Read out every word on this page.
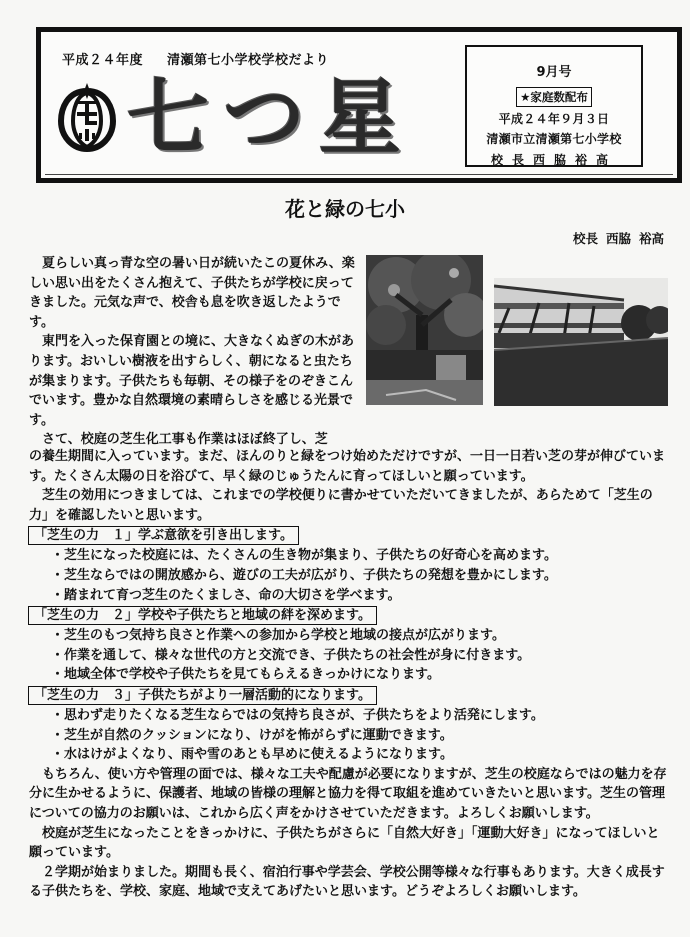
平成２４年度 清瀬第七小学校学校だより
七つ星	9月号
★家庭数配布
平成２４年９月３日
清瀬市立清瀬第七小学校
校長西脇裕高
花と緑の七小
校長 西脇 裕高

夏らしい真っ青な空の暑い日が続いたこの夏休み、楽しい思い出をたくさん抱えて、子供たちが学校に戻ってきました。元気な声で、校舎も息を吹き返したようです。

東門を入った保育園との境に、大きなくぬぎの木があります。おいしい樹液を出すらしく、朝になると虫たちが集まります。子供たちも毎朝、その様子をのぞきこんでいます。豊かな自然環境の素晴らしさを感じる光景です。

さて、校庭の芝生化工事も作業はほぼ終了し、芝

の養生期間に入っています。まだ、ほんのりと緑をつけ始めただけですが、一日一日若い芝の芽が伸びています。たくさん太陽の日を浴びて、早く緑のじゅうたんに育ってほしいと願っています。

芝生の効用につきましては、これまでの学校便りに書かせていただいてきましたが、あらためて「芝生の力」を確認したいと思います。

「芝生の力　１」学ぶ意欲を引き出します。

・芝生になった校庭には、たくさんの生き物が集まり、子供たちの好奇心を高めます。

・芝生ならではの開放感から、遊びの工夫が広がり、子供たちの発想を豊かにします。

・踏まれて育つ芝生のたくましさ、命の大切さを学べます。

「芝生の力　２」学校や子供たちと地域の絆を深めます。

・芝生のもつ気持ち良さと作業への参加から学校と地域の接点が広がります。

・作業を通して、様々な世代の方と交流でき、子供たちの社会性が身に付きます。

・地域全体で学校や子供たちを見てもらえるきっかけになります。

「芝生の力　３」子供たちがより一層活動的になります。

・思わず走りたくなる芝生ならではの気持ち良さが、子供たちをより活発にします。

・芝生が自然のクッションになり、けがを怖がらずに運動できます。

・水はけがよくなり、雨や雪のあとも早めに使えるようになります。

もちろん、使い方や管理の面では、様々な工夫や配慮が必要になりますが、芝生の校庭ならではの魅力を存分に生かせるように、保護者、地域の皆様の理解と協力を得て取組を進めていきたいと思います。芝生の管理についての協力のお願いは、これから広く声をかけさせていただきます。よろしくお願いします。

校庭が芝生になったことをきっかけに、子供たちがさらに「自然大好き」「運動大好き」になってほしいと願っています。

２学期が始まりました。期間も長く、宿泊行事や学芸会、学校公開等様々な行事もあります。大きく成長する子供たちを、学校、家庭、地域で支えてあげたいと思います。どうぞよろしくお願いします。
